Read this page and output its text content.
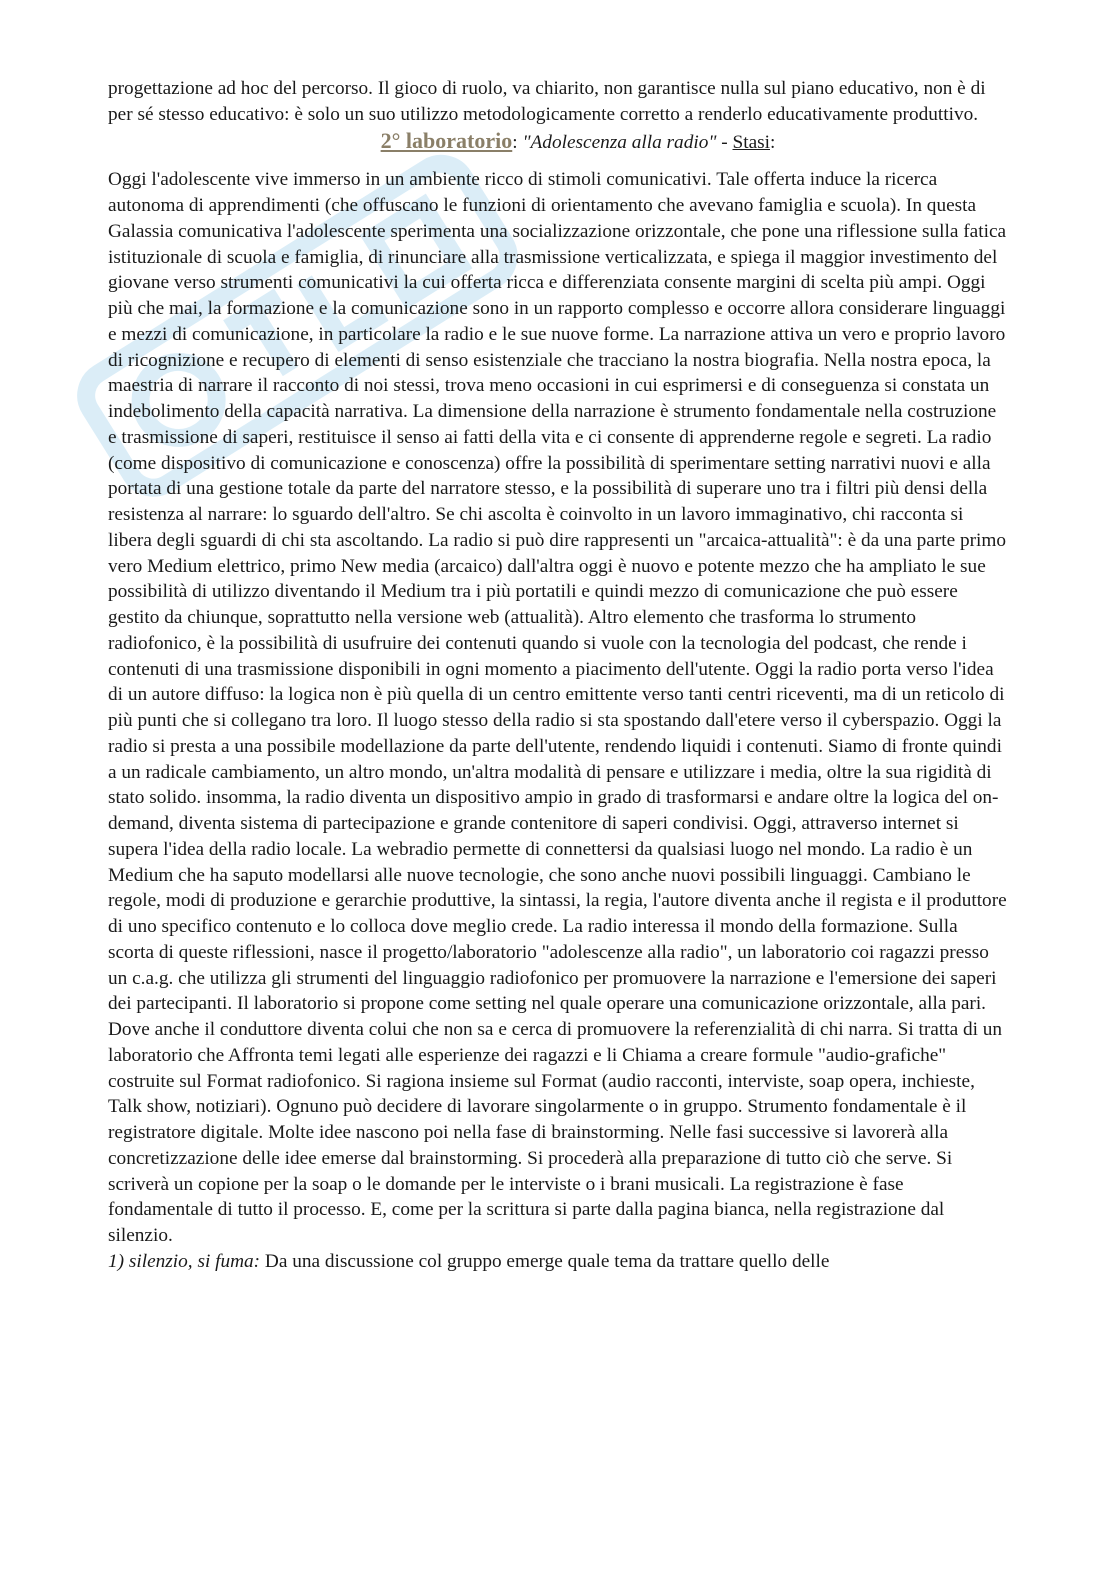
progettazione ad hoc del percorso. Il gioco di ruolo, va chiarito, non garantisce nulla sul piano educativo, non è di per sé stesso educativo: è solo un suo utilizzo metodologicamente corretto a renderlo educativamente produttivo.

2° laboratorio: "Adolescenza alla radio" - Stasi:

Oggi l'adolescente vive immerso in un ambiente ricco di stimoli comunicativi. Tale offerta induce la ricerca autonoma di apprendimenti (che offuscano le funzioni di orientamento che avevano famiglia e scuola). In questa Galassia comunicativa l'adolescente sperimenta una socializzazione orizzontale, che pone una riflessione sulla fatica istituzionale di scuola e famiglia, di rinunciare alla trasmissione verticalizzata, e spiega il maggior investimento del giovane verso strumenti comunicativi la cui offerta ricca e differenziata consente margini di scelta più ampi. Oggi più che mai, la formazione e la comunicazione sono in un rapporto complesso e occorre allora considerare linguaggi e mezzi di comunicazione, in particolare la radio e le sue nuove forme. La narrazione attiva un vero e proprio lavoro di ricognizione e recupero di elementi di senso esistenziale che tracciano la nostra biografia. Nella nostra epoca, la maestria di narrare il racconto di noi stessi, trova meno occasioni in cui esprimersi e di conseguenza si constata un indebolimento della capacità narrativa. La dimensione della narrazione è strumento fondamentale nella costruzione e trasmissione di saperi, restituisce il senso ai fatti della vita e ci consente di apprenderne regole e segreti. La radio (come dispositivo di comunicazione e conoscenza) offre la possibilità di sperimentare setting narrativi nuovi e alla portata di una gestione totale da parte del narratore stesso, e la possibilità di superare uno tra i filtri più densi della resistenza al narrare: lo sguardo dell'altro. Se chi ascolta è coinvolto in un lavoro immaginativo, chi racconta si libera degli sguardi di chi sta ascoltando. La radio si può dire rappresenti un "arcaica-attualità": è da una parte primo vero Medium elettrico, primo New media (arcaico) dall'altra oggi è nuovo e potente mezzo che ha ampliato le sue possibilità di utilizzo diventando il Medium tra i più portatili e quindi mezzo di comunicazione che può essere gestito da chiunque, soprattutto nella versione web (attualità). Altro elemento che trasforma lo strumento radiofonico, è la possibilità di usufruire dei contenuti quando si vuole con la tecnologia del podcast, che rende i contenuti di una trasmissione disponibili in ogni momento a piacimento dell'utente. Oggi la radio porta verso l'idea di un autore diffuso: la logica non è più quella di un centro emittente verso tanti centri riceventi, ma di un reticolo di più punti che si collegano tra loro. Il luogo stesso della radio si sta spostando dall'etere verso il cyberspazio. Oggi la radio si presta a una possibile modellazione da parte dell'utente, rendendo liquidi i contenuti. Siamo di fronte quindi a un radicale cambiamento, un altro mondo, un'altra modalità di pensare e utilizzare i media, oltre la sua rigidità di stato solido. insomma, la radio diventa un dispositivo ampio in grado di trasformarsi e andare oltre la logica del on-demand, diventa sistema di partecipazione e grande contenitore di saperi condivisi. Oggi, attraverso internet si supera l'idea della radio locale. La webradio permette di connettersi da qualsiasi luogo nel mondo. La radio è un Medium che ha saputo modellarsi alle nuove tecnologie, che sono anche nuovi possibili linguaggi. Cambiano le regole, modi di produzione e gerarchie produttive, la sintassi, la regia, l'autore diventa anche il regista e il produttore di uno specifico contenuto e lo colloca dove meglio crede. La radio interessa il mondo della formazione. Sulla scorta di queste riflessioni, nasce il progetto/laboratorio "adolescenze alla radio", un laboratorio coi ragazzi presso un c.a.g. che utilizza gli strumenti del linguaggio radiofonico per promuovere la narrazione e l'emersione dei saperi dei partecipanti. Il laboratorio si propone come setting nel quale operare una comunicazione orizzontale, alla pari. Dove anche il conduttore diventa colui che non sa e cerca di promuovere la referenzialità di chi narra. Si tratta di un laboratorio che Affronta temi legati alle esperienze dei ragazzi e li Chiama a creare formule "audio-grafiche" costruite sul Format radiofonico. Si ragiona insieme sul Format (audio racconti, interviste, soap opera, inchieste, Talk show, notiziari). Ognuno può decidere di lavorare singolarmente o in gruppo. Strumento fondamentale è il registratore digitale. Molte idee nascono poi nella fase di brainstorming. Nelle fasi successive si lavorerà alla concretizzazione delle idee emerse dal brainstorming. Si procederà alla preparazione di tutto ciò che serve. Si scriverà un copione per la soap o le domande per le interviste o i brani musicali. La registrazione è fase fondamentale di tutto il processo. E, come per la scrittura si parte dalla pagina bianca, nella registrazione dal silenzio.

1) silenzio, si fuma: Da una discussione col gruppo emerge quale tema da trattare quello delle
